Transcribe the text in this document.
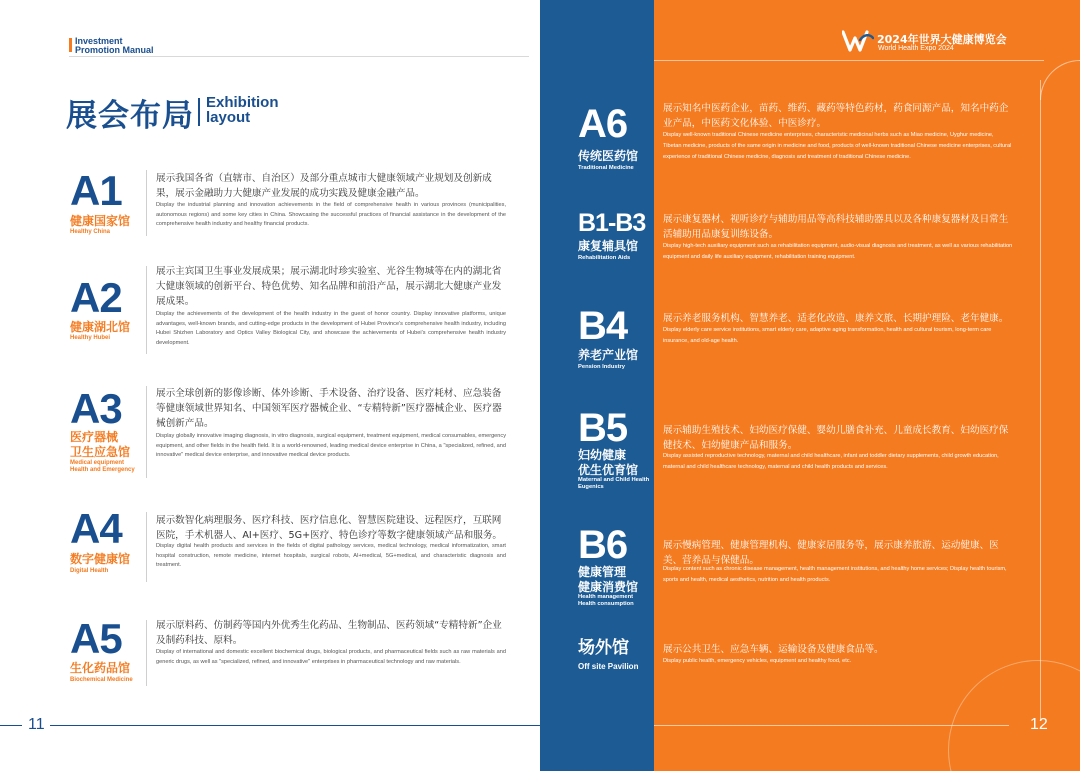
Investment
Promotion Manual
展会布局 Exhibition
layout
A1
健康国家馆
Healthy China
展示我国各省（直辖市、自治区）及部分重点城市大健康领域产业规划及创新成果，展示金融助力大健康产业发展的成功实践及健康金融产品。
Display the industrial planning and innovation achievements in the field of comprehensive health in various provinces (municipalities, autonomous regions) and some key cities in China. Showcasing the successful practices of financial assistance in the development of the comprehensive health industry and healthy financial products.
A2
健康湖北馆
Healthy Hubei
展示主宾国卫生事业发展成果；展示湖北时珍实验室、光谷生物城等在内的湖北省大健康领域的创新平台、特色优势、知名品牌和前沿产品，展示湖北大健康产业发展成果。
Display the achievements of the development of the health industry in the guest of honor country. Display innovative platforms, unique advantages, well-known brands, and cutting-edge products in the development of Hubei Province's comprehensive health industry, including Hubei Shizhen Laboratory and Optics Valley Biological City, and showcase the achievements of Hubei's comprehensive health industry development.
A3
医疗器械
卫生应急馆
Medical equipment Health and Emergency
展示全球创新的影像诊断、体外诊断、手术设备、治疗设备、医疗耗材、应急装备等健康领域世界知名、中国领军医疗器械企业、“专精特新”医疗器械企业、医疗器械创新产品。
Display globally innovative imaging diagnosis, in vitro diagnosis, surgical equipment, treatment equipment, medical consumables, emergency equipment, and other fields in the health field. It is a world-renowned, leading medical device enterprise in China, a "specialized, refined, and innovative" medical device enterprise, and innovative medical device products.
A4
数字健康馆
Digital Health
展示数智化病理服务、医疗科技、医疗信息化、智慧医院建设、远程医疗，互联网医院，手术机器人、AI+医疗、5G+医疗、特色诊疗等数字健康领域产品和服务。
Display digital health products and services in the fields of digital pathology services, medical technology, medical informatization, smart hospital construction, remote medicine, internet hospitals, surgical robots, AI+medical, 5G+medical, and characteristic diagnosis and treatment.
A5
生化药品馆
Biochemical Medicine
展示原料药、仿制药等国内外优秀生化药品、生物制品、医药领域“专精特新”企业及制药科技、原料。
Display of international and domestic excellent biochemical drugs, biological products, and pharmaceutical fields such as raw materials and generic drugs, as well as "specialized, refined, and innovative" enterprises in pharmaceutical technology and raw materials.
11
2024年世界大健康博览会
World Health Expo 2024
A6
传统医药馆
Traditional Medicine
展示知名中医药企业，苗药、维药、藏药等特色药材，药食同源产品，知名中药企业产品，中医药文化体验、中医诊疗。
Display well-known traditional Chinese medicine enterprises, characteristic medicinal herbs such as Miao medicine, Uyghur medicine, Tibetan medicine, products of the same origin in medicine and food, products of well-known traditional Chinese medicine enterprises, cultural experience of traditional Chinese medicine, diagnosis and treatment of traditional Chinese medicine.
B1-B3
康复辅具馆
Rehabilitation Aids
展示康复器材、视听诊疗与辅助用品等高科技辅助器具以及各种康复器材及日常生活辅助用品康复训练设备。
Display high-tech auxiliary equipment such as rehabilitation equipment, audio-visual diagnosis and treatment, as well as various rehabilitation equipment and daily life auxiliary equipment, rehabilitation training equipment.
B4
养老产业馆
Pension Industry
展示养老服务机构、智慧养老、适老化改造、康养文旅、长期护理险、老年健康。
Display elderly care service institutions, smart elderly care, adaptive aging transformation, health and cultural tourism, long-term care insurance, and old-age health.
B5
妇幼健康
优生优育馆
Maternal and Child Health Eugenics
展示辅助生殖技术、妇幼医疗保健、婴幼儿膳食补充、儿童成长教育、妇幼医疗保健技术、妇幼健康产品和服务。
Display assisted reproductive technology, maternal and child healthcare, infant and toddler dietary supplements, child growth education, maternal and child healthcare technology, maternal and child health products and services.
B6
健康管理
健康消费馆
Health management Health consumption
展示慢病管理、健康管理机构、健康家居服务等，展示康养旅游、运动健康、医美、营养品与保健品。
Display content such as chronic disease management, health management institutions, and healthy home services; Display health tourism, sports and health, medical aesthetics, nutrition and health products.
场外馆
Off site Pavilion
展示公共卫生、应急车辆、运输设备及健康食品等。
Display public health, emergency vehicles, equipment and healthy food, etc.
12
